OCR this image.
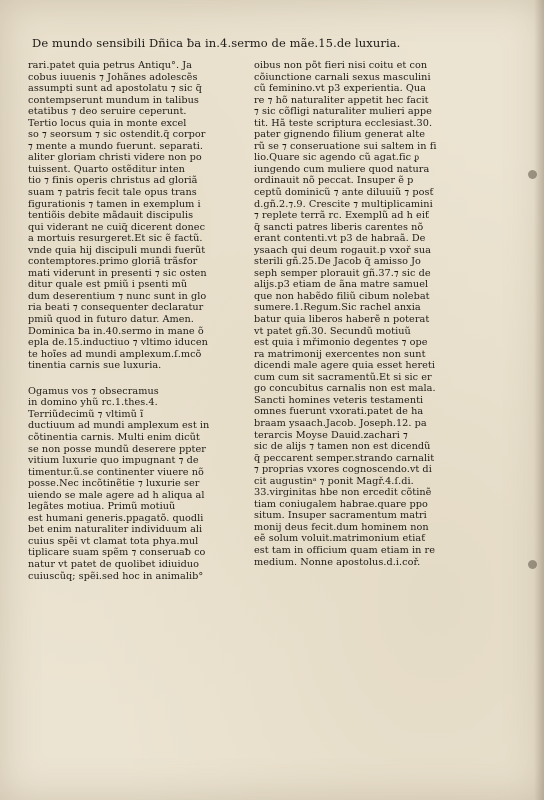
De mundo sensibili Dñica ƀa in.4.sermo de mãe.15.de luxuria.
rari.patet quia petrus Antiqu°. Ja
cobus iuuenis ⁊ Johãnes adolescẽs
assumpti sunt ad apostolatu ⁊ sic q̃
contempserunt mundum in talibus
etatibus ⁊ deo seruire ceperunt.
Tertio locus quia in monte excel
so ⁊ seorsum ⁊ sic ostendit.q̃ corpor
⁊ mente a mundo fuerunt. separati.
aliter gloriam christi videre non po
tuissent. Quarto ostẽditur inten
tio ⁊ finis operis christus ad gloriã
suam ⁊ patris fecit tale opus trans
figurationis ⁊ tamen in exemplum i
tentiõis debite mãdauit discipulis
qui viderant ne cuiq̃ dicerent donec
a mortuis resurgeret.Et sic ẽ factũ.
vnde quia hij discipuli mundi fuerũt
contemptores.primo gloriã trãsfor
mati viderunt in presenti ⁊ sic osten
ditur quale est pmiũ i psenti mũ
dum deserentium ⁊ nunc sunt in glo
ria beati ⁊ consequenter declaratur
pmiũ quod in futuro datur. Amen.
Dominica ƀa in.40.sermo in mane õ
epla de.15.inductiuo ⁊ vltimo iducen
te hoĩes ad mundi amplexum.ſ.mcõ
tinentia carnis sue luxuria.
Ogamus vos ⁊ obsecramus
in domino yhũ rc.1.thes.4.
Terriũdecimũ ⁊ vltimũ ĩ
ductiuum ad mundi amplexum est in
cõtinentia carnis. Multi enim dicũt
se non posse mundũ deserere ppter
vitium luxurie quo impugnant ⁊ de
timentur.ũ.se continenter viuere nõ
posse.Nec incõtinẽtie ⁊ luxurie ser
uiendo se male agere ad h aliqua al
legãtes motiua. Primũ motiuũ
est humani generis.ppagatõ. quodli
bet enim naturaliter individuum ali
cuius spẽi vt clamat tota phya.mul
tiplicare suam spẽm ⁊ conseruaƀ co
natur vt patet de quolibet idiuiduo
cuiuscũq; spẽi.sed hoc in animalib°
oibus non põt fieri nisi coitu et con
cõiunctione carnali sexus masculini
cũ feminino.vt p3 experientia. Qua
re ⁊ hõ naturaliter appetit hec facit
⁊ sic cõfligi naturaliter mulieri appe
tit. Hã teste scriptura ecclesiast.30.
pater gignendo filium generat alte
rũ se ⁊ conseruatione sui saltem in fi
lio.Quare sic agendo cũ agat.fic ᵱ
iungendo cum muliere quod natura
ordinauit nõ peccat. Insuper ẽ p
ceptũ dominicũ ⁊ ante diluuiũ ⁊ posƭ
d.gñ.2.⁊.9. Crescite ⁊ multiplicamini
⁊ replete terrã rc. Exemplũ ad h eiƭ
q̃ sancti patres liberis carentes nõ
erant contenti.vt p3 de habraã. De
ysaach qui deum rogauit.p vxoř sua
sterili gñ.25.De Jacob q̃ amisso Jo
seph semper plorauit gñ.37.⁊ sic de
alijs.p3 etiam de ãna matre samuel
que non habẽdo filiũ cibum nolebat
sumere.1.Regum.Sic rachel anxia
batur quia liberos haberẽ n poterat
vt patet gñ.30. Secundũ motiuũ
est quia i mřimonio degentes ⁊ ope
ra matrimonij exercentes non sunt
dicendi male agere quia esset hereti
cum cum sit sacramentũ.Et si sic er
go concubitus carnalis non est mala.
Sancti homines veteris testamenti
omnes fuerunt vxorati.patet de ha
braam ysaach.Jacob. Joseph.12. pa
terarcis Moyse Dauid.zachari ⁊
sic de alijs ⁊ tamen non est dicendũ
q̃ peccarent semper.strando carnalit
⁊ proprias vxores cognoscendo.vt di
cit augustinᵃ ⁊ ponit Magř.4.ſ.di.
33.virginitas hbe non ercedit cõtinẽ
tiam coniugalem habrae.quare ppo
situm. Insuper sacramentum matri
monij deus fecit.dum hominem non
eẽ solum voluit.matrimonium etiaƭ
est tam in officium quam etiam in re
medium. Nonne apostolus.d.i.coř.
